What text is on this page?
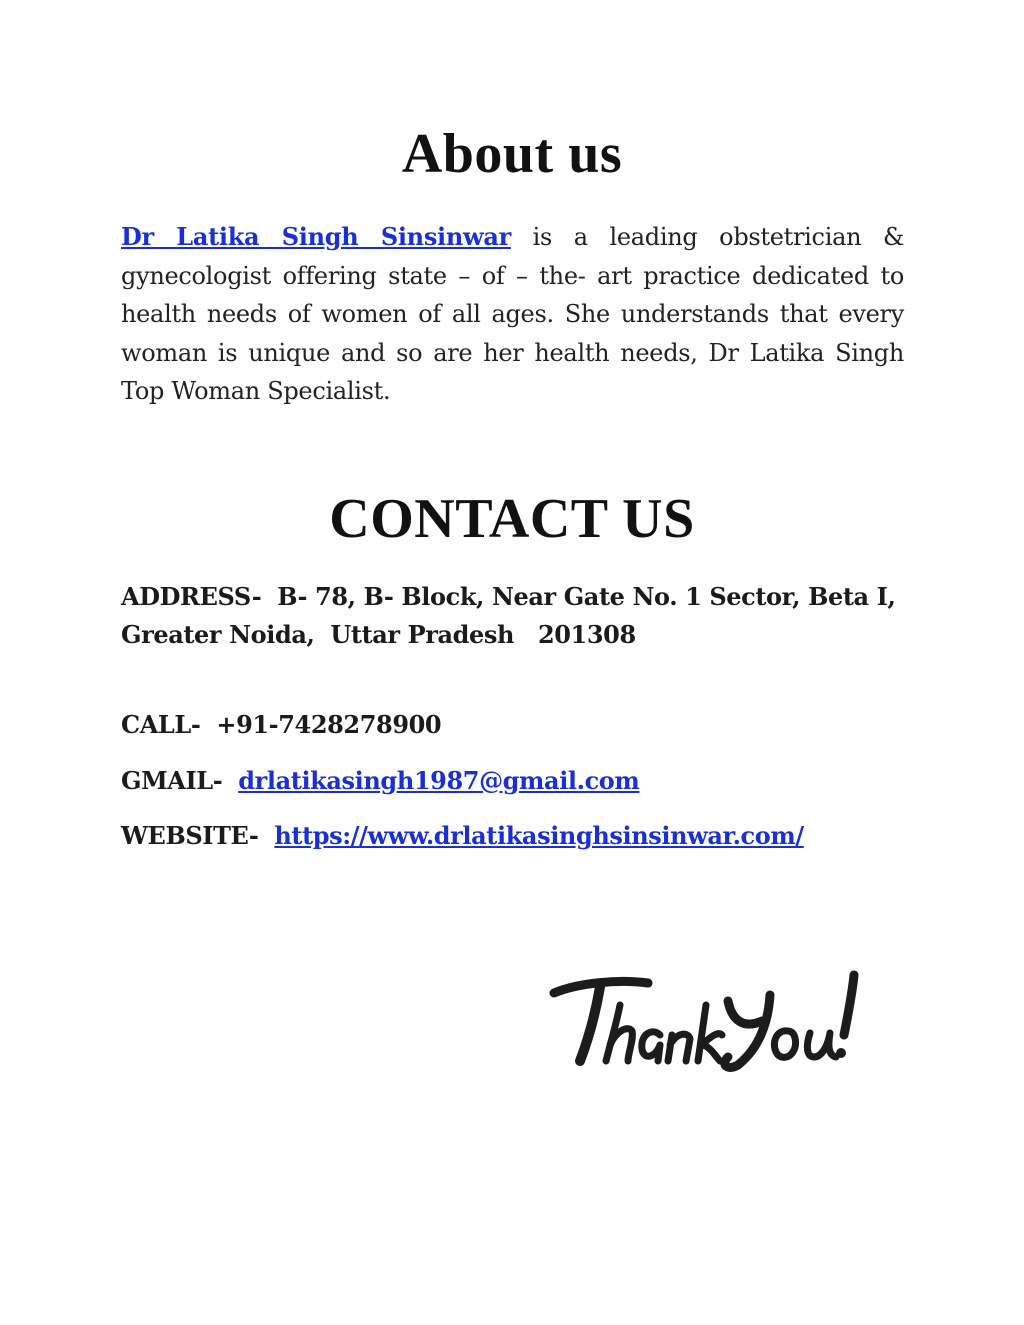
About us

Dr Latika Singh Sinsinwar is a leading obstetrician & gynecologist offering state – of – the- art practice dedicated to health needs of women of all ages. She understands that every woman is unique and so are her health needs, Dr Latika Singh Top Woman Specialist.

CONTACT US

ADDRESS- B- 78, B- Block, Near Gate No. 1 Sector, Beta I,

Greater Noida,  Uttar Pradesh   201308

CALL- +91-7428278900

GMAIL- drlatikasingh1987@gmail.com

WEBSITE- https://www.drlatikasinghsinsinwar.com/
